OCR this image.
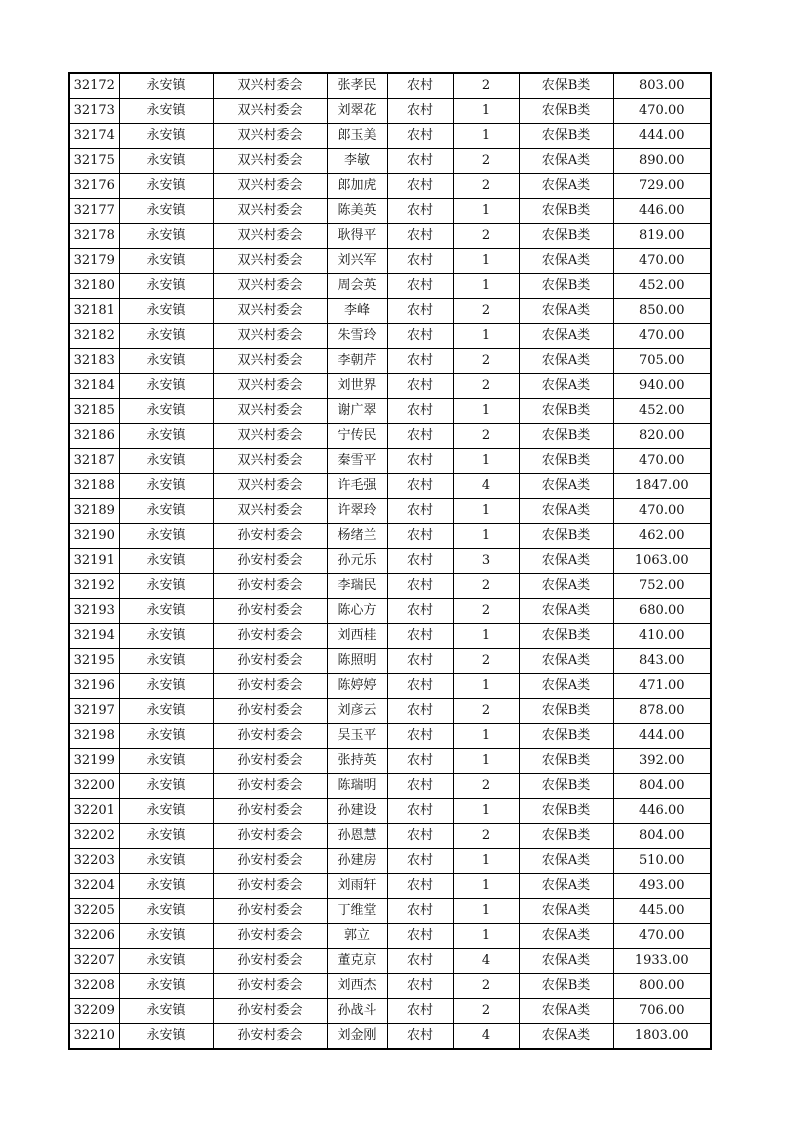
32172	永安镇	双兴村委会	张孝民	农村	2	农保B类	803.00
32173	永安镇	双兴村委会	刘翠花	农村	1	农保B类	470.00
32174	永安镇	双兴村委会	郎玉美	农村	1	农保B类	444.00
32175	永安镇	双兴村委会	李敏	农村	2	农保A类	890.00
32176	永安镇	双兴村委会	郎加虎	农村	2	农保A类	729.00
32177	永安镇	双兴村委会	陈美英	农村	1	农保B类	446.00
32178	永安镇	双兴村委会	耿得平	农村	2	农保B类	819.00
32179	永安镇	双兴村委会	刘兴军	农村	1	农保A类	470.00
32180	永安镇	双兴村委会	周会英	农村	1	农保B类	452.00
32181	永安镇	双兴村委会	李峰	农村	2	农保A类	850.00
32182	永安镇	双兴村委会	朱雪玲	农村	1	农保A类	470.00
32183	永安镇	双兴村委会	李朝芹	农村	2	农保A类	705.00
32184	永安镇	双兴村委会	刘世界	农村	2	农保A类	940.00
32185	永安镇	双兴村委会	谢广翠	农村	1	农保B类	452.00
32186	永安镇	双兴村委会	宁传民	农村	2	农保B类	820.00
32187	永安镇	双兴村委会	秦雪平	农村	1	农保B类	470.00
32188	永安镇	双兴村委会	许毛强	农村	4	农保A类	1847.00
32189	永安镇	双兴村委会	许翠玲	农村	1	农保A类	470.00
32190	永安镇	孙安村委会	杨绪兰	农村	1	农保B类	462.00
32191	永安镇	孙安村委会	孙元乐	农村	3	农保A类	1063.00
32192	永安镇	孙安村委会	李瑞民	农村	2	农保A类	752.00
32193	永安镇	孙安村委会	陈心方	农村	2	农保A类	680.00
32194	永安镇	孙安村委会	刘西桂	农村	1	农保B类	410.00
32195	永安镇	孙安村委会	陈照明	农村	2	农保A类	843.00
32196	永安镇	孙安村委会	陈婷婷	农村	1	农保A类	471.00
32197	永安镇	孙安村委会	刘彦云	农村	2	农保B类	878.00
32198	永安镇	孙安村委会	吴玉平	农村	1	农保B类	444.00
32199	永安镇	孙安村委会	张持英	农村	1	农保B类	392.00
32200	永安镇	孙安村委会	陈瑞明	农村	2	农保B类	804.00
32201	永安镇	孙安村委会	孙建设	农村	1	农保B类	446.00
32202	永安镇	孙安村委会	孙恩慧	农村	2	农保B类	804.00
32203	永安镇	孙安村委会	孙建房	农村	1	农保A类	510.00
32204	永安镇	孙安村委会	刘雨轩	农村	1	农保A类	493.00
32205	永安镇	孙安村委会	丁维堂	农村	1	农保A类	445.00
32206	永安镇	孙安村委会	郭立	农村	1	农保A类	470.00
32207	永安镇	孙安村委会	董克京	农村	4	农保A类	1933.00
32208	永安镇	孙安村委会	刘西杰	农村	2	农保B类	800.00
32209	永安镇	孙安村委会	孙战斗	农村	2	农保A类	706.00
32210	永安镇	孙安村委会	刘金刚	农村	4	农保A类	1803.00
